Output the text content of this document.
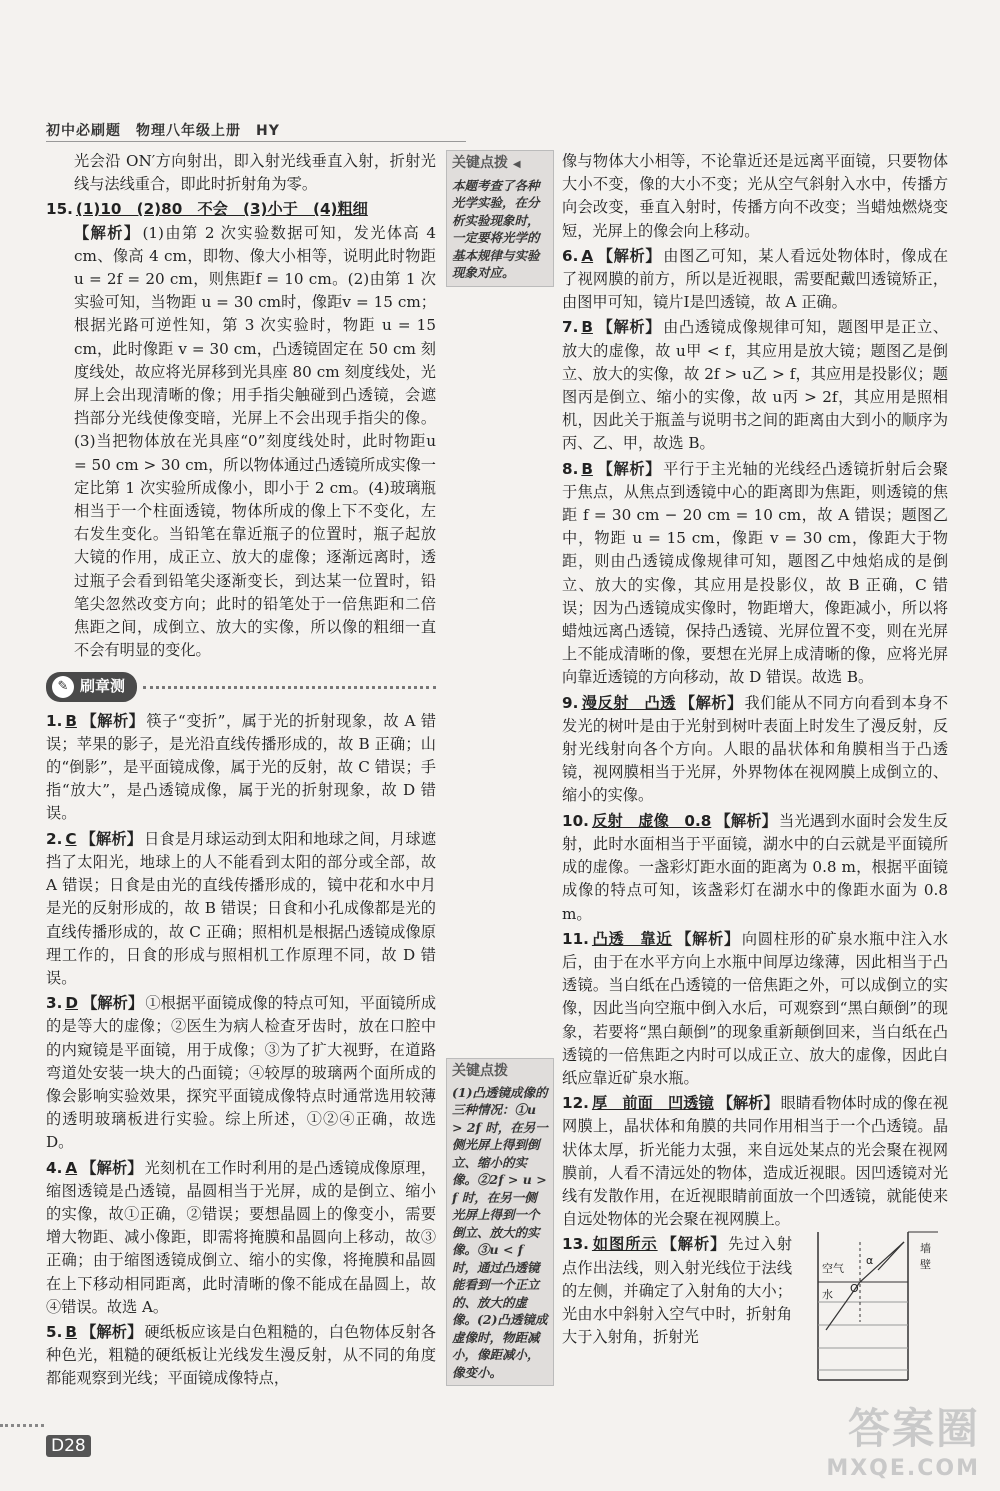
初中必刷题　物理八年级上册　HY
光会沿 ON′方向射出，即入射光线垂直入射，折射光线与法线重合，即此时折射角为零。
15. (1)10　(2)80　不会　(3)小于　(4)粗细
【解析】 (1)由第 2 次实验数据可知，发光体高 4 cm、像高 4 cm，即物、像大小相等，说明此时物距 u = 2f = 20 cm，则焦距f = 10 cm。(2)由第 1 次实验可知，当物距 u = 30 cm时，像距v = 15 cm；根据光路可逆性知，第 3 次实验时，物距 u = 15 cm，此时像距 v = 30 cm，凸透镜固定在 50 cm 刻度线处，故应将光屏移到光具座 80 cm 刻度线处，光屏上会出现清晰的像；用手指尖触碰到凸透镜，会遮挡部分光线使像变暗，光屏上不会出现手指尖的像。(3)当把物体放在光具座“0”刻度线处时，此时物距u = 50 cm > 30 cm，所以物体通过凸透镜所成实像一定比第 1 次实验所成像小，即小于 2 cm。(4)玻璃瓶相当于一个柱面透镜，物体所成的像上下不变化，左右发生变化。当铅笔在靠近瓶子的位置时，瓶子起放大镜的作用，成正立、放大的虚像；逐渐远离时，透过瓶子会看到铅笔尖逐渐变长，到达某一位置时，铅笔尖忽然改变方向；此时的铅笔处于一倍焦距和二倍焦距之间，成倒立、放大的实像，所以像的粗细一直不会有明显的变化。
✎ 刷章测
1. B 【解析】 筷子“变折”，属于光的折射现象，故 A 错误；苹果的影子，是光沿直线传播形成的，故 B 正确；山的“倒影”，是平面镜成像，属于光的反射，故 C 错误；手指“放大”，是凸透镜成像，属于光的折射现象，故 D 错误。
2. C 【解析】 日食是月球运动到太阳和地球之间，月球遮挡了太阳光，地球上的人不能看到太阳的部分或全部，故 A 错误；日食是由光的直线传播形成的，镜中花和水中月是光的反射形成的，故 B 错误；日食和小孔成像都是光的直线传播形成的，故 C 正确；照相机是根据凸透镜成像原理工作的，日食的形成与照相机工作原理不同，故 D 错误。
3. D 【解析】 ①根据平面镜成像的特点可知，平面镜所成的是等大的虚像；②医生为病人检查牙齿时，放在口腔中的内窥镜是平面镜，用于成像；③为了扩大视野，在道路弯道处安装一块大的凸面镜；④较厚的玻璃两个面所成的像会影响实验效果，探究平面镜成像特点时通常选用较薄的透明玻璃板进行实验。综上所述，①②④正确，故选 D。
4. A 【解析】 光刻机在工作时利用的是凸透镜成像原理，缩图透镜是凸透镜，晶圆相当于光屏，成的是倒立、缩小的实像，故①正确，②错误；要想晶圆上的像变小，需要增大物距、减小像距，即需将掩膜和晶圆向上移动，故③正确；由于缩图透镜成倒立、缩小的实像，将掩膜和晶圆在上下移动相同距离，此时清晰的像不能成在晶圆上，故④错误。故选 A。
5. B 【解析】 硬纸板应该是白色粗糙的，白色物体反射各种色光，粗糙的硬纸板让光线发生漫反射，从不同的角度都能观察到光线；平面镜成像特点，
关键点拨 ◀
本题考查了各种光学实验，在分析实验现象时，一定要将光学的基本规律与实验现象对应。
关键点拨
(1)凸透镜成像的三种情况：①u > 2f 时，在另一侧光屏上得到倒立、缩小的实像。②2f > u > f 时，在另一侧光屏上得到一个倒立、放大的实像。③u < f 时，通过凸透镜能看到一个正立的、放大的虚像。(2)凸透镜成虚像时，物距减小，像距减小，像变小。
像与物体大小相等，不论靠近还是远离平面镜，只要物体大小不变，像的大小不变；光从空气斜射入水中，传播方向会改变，垂直入射时，传播方向不改变；当蜡烛燃烧变短，光屏上的像会向上移动。
6. A 【解析】 由图乙可知，某人看远处物体时，像成在了视网膜的前方，所以是近视眼，需要配戴凹透镜矫正，由图甲可知，镜片Ⅰ是凹透镜，故 A 正确。
7. B 【解析】 由凸透镜成像规律可知，题图甲是正立、放大的虚像，故 u甲 < f，其应用是放大镜；题图乙是倒立、放大的实像，故 2f > u乙 > f，其应用是投影仪；题图丙是倒立、缩小的实像，故 u丙 > 2f，其应用是照相机，因此关于瓶盖与说明书之间的距离由大到小的顺序为丙、乙、甲，故选 B。
8. B 【解析】 平行于主光轴的光线经凸透镜折射后会聚于焦点，从焦点到透镜中心的距离即为焦距，则透镜的焦距 f = 30 cm − 20 cm = 10 cm，故 A 错误；题图乙中，物距 u = 15 cm，像距 v = 30 cm，像距大于物距，则由凸透镜成像规律可知，题图乙中烛焰成的是倒立、放大的实像，其应用是投影仪，故 B 正确，C 错误；因为凸透镜成实像时，物距增大，像距减小，所以将蜡烛远离凸透镜，保持凸透镜、光屏位置不变，则在光屏上不能成清晰的像，要想在光屏上成清晰的像，应将光屏向靠近透镜的方向移动，故 D 错误。故选 B。
9. 漫反射　凸透 【解析】 我们能从不同方向看到本身不发光的树叶是由于光射到树叶表面上时发生了漫反射，反射光线射向各个方向。人眼的晶状体和角膜相当于凸透镜，视网膜相当于光屏，外界物体在视网膜上成倒立的、缩小的实像。
10. 反射　虚像　0.8 【解析】 当光遇到水面时会发生反射，此时水面相当于平面镜，湖水中的白云就是平面镜所成的虚像。一盏彩灯距水面的距离为 0.8 m，根据平面镜成像的特点可知，该盏彩灯在湖水中的像距水面为 0.8 m。
11. 凸透　靠近 【解析】 向圆柱形的矿泉水瓶中注入水后，由于在水平方向上水瓶中间厚边缘薄，因此相当于凸透镜。当白纸在凸透镜的一倍焦距之外，可以成倒立的实像，因此当向空瓶中倒入水后，可观察到“黑白颠倒”的现象，若要将“黑白颠倒”的现象重新颠倒回来，当白纸在凸透镜的一倍焦距之内时可以成正立、放大的虚像，因此白纸应靠近矿泉水瓶。
12. 厚　前面　凹透镜 【解析】 眼睛看物体时成的像在视网膜上，晶状体和角膜的共同作用相当于一个凸透镜。晶状体太厚，折光能力太强，来自远处某点的光会聚在视网膜前，人看不清远处的物体，造成近视眼。因凹透镜对光线有发散作用，在近视眼睛前面放一个凹透镜，就能使来自远处物体的光会聚在视网膜上。
13. 如图所示 【解析】 先过入射点作出法线，则入射光线位于法线的左侧，并确定了入射角的大小；光由水中斜射入空气中时，折射角大于入射角，折射光
空气
水 O
α
墙壁
D28	答案圈
MXQE.COM
